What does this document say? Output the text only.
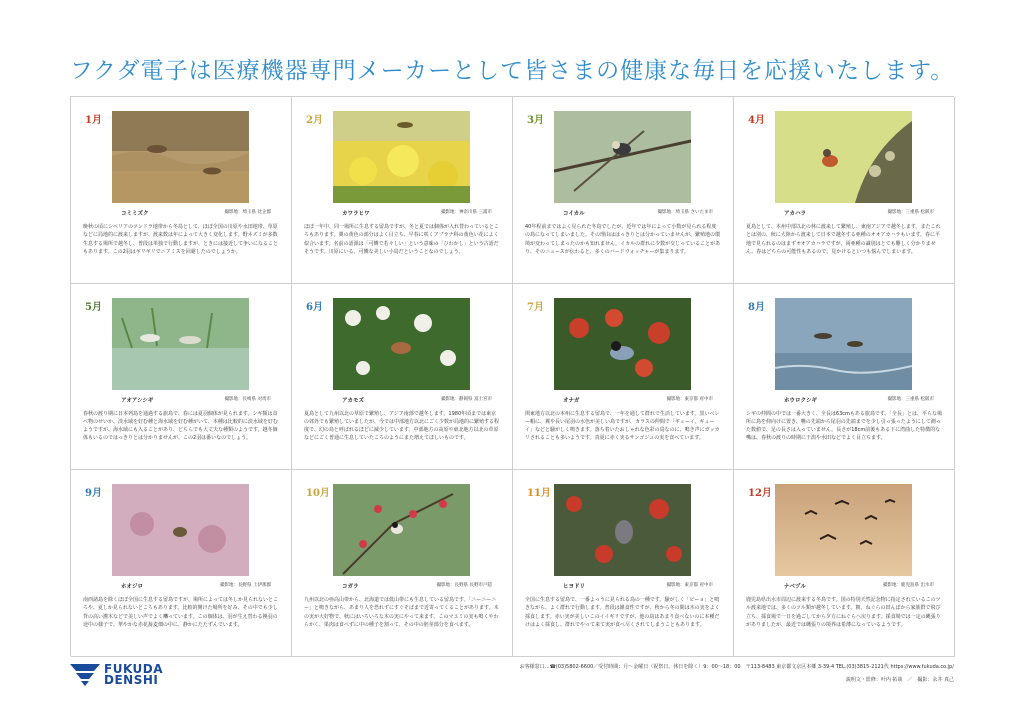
フクダ電子は医療機器専門メーカーとして皆さまの健康な毎日を応援いたします。
1月
コミミズク	撮影地：埼玉県 比企郡
晩秋の頃にシベリアのツンドラ地帯から冬鳥として、ほぼ全国の川原や水田地帯、草原などに局地的に渡来しますが、渡来数は年によって大きく変化します。野ネズミが多数生息する場所で越冬し、普段は単独で行動しますが、ときには接近して争いになることもあります。この2羽はギリギリでニアミスを回避したのでしょうか。
2月
カワラヒワ	撮影地：神奈川県 三浦市
ほぼ一年中、同一場所に生息する留鳥ですが、冬と夏では個体が入れ替わっているところもあります。翼の黄色の部分はよく目立ち、早春に咲くアブラナ科の黄色い花によく似合います。名前の語源は「可憐で若々しい」という意味の「ひわかし」という古語だそうです。川原にいる、可憐な美しい小鳥だということなのでしょう。
3月
コイカル	撮影地：埼玉県 さいたま市
40年程前まではよく見られた冬鳥でしたが、近年では年によって小数が見られる程度の鳥になってしまいました。その理由ははっきりとは分かっていませんが、繁殖地の環境が変わってしまったのかも知れません。イカルの群れに少数が交じっていることがあり、そのニュースが伝わると、多くのバードウォッチャーが集まります。
4月
アカハラ	撮影地：三重県 松阪市
夏鳥として、本州中部以北の林に渡来して繁殖し、東南アジアで越冬します。またこれとは別の、秋に大陸から渡来して日本で越冬する亜種のオオアカハラもいます。春に平地で見られるのはまずオオアカハラですが、両亜種の識別はとても難しく分かりません。春はどちらの可能性もあるので、見かけるといつも悩んでしまいます。
5月
アオアシシギ	撮影地：長崎県 対馬市
春秋の渡り期に日本列島を通過する旅鳥で、春には夏羽個体が見られます。シギ類は食べ物のせいか、淡水域を好む種と海水域を好む種がいて、本種は比較的に淡水域を好むようですが、海水域にも入ることがあり、どちらでも大丈夫な種類のようです。越冬個体もいるのではっきりとは分かりませんが、この2羽は番いなのでしょう。
6月
アカモズ	撮影地：静岡県 富士宮市
夏鳥として九州以北の草原で繁殖し、アジア南部で越冬します。1980年頃までは東京の郊外でも繁殖していましたが、今では中部地方以北にごく少数が局地的に繁殖する程度で、幻の鳥と呼ばれるほどに減少しています。中部地方の高原や東北地方以北の草原などにごく普通に生息していたころのようにまた増えてほしいものです。
7月
オナガ	撮影地：東京都 府中市
関東地方以北の本州に生息する留鳥で、一年を通して群れで生活しています。黒いベレー帽に、翼や長い尾羽の水色が美しい鳥ですが、カラスの仲間で「ギューイ、ギューイ」などと騒がしく鳴きます。落ち着いたおしゃれな色彩の鳥なのに、鳴き声にガッカリされることも多いようです。真夏に赤く実るサンゴジュの実を食べています。
8月
ホウロクシギ	撮影地：三重県 松阪市
シギの仲間の中では一番大きく、全長は63cmもある旅鳥です。「全長」とは、平らな場所に鳥を仰向けに置き、嘴の先端から尾羽の先端までを少し引っ張ったようにして測った数値で、足の長さは入っていません。長さが18cm前後もある下に湾曲した特徴的な嘴は、春秋の渡りの時期に干潟や水田などでよく目立ちます。
9月
ホオジロ	撮影地：長野県 上伊那郡
南西諸島を除くほぼ全国に生息する留鳥ですが、場所によっては冬しか見られないところや、夏しか見られないところもあります。比較的開けた場所を好み、その中でも少し背の高い灌木などで美しい声でよく囀っています。この個体は、羽が生え替わる換羽の途中の様子で、華やかな赤花蕎麦畑の中に、静かにたたずんでいます。
10月
コガラ	撮影地：長野県 長野市戸隠
九州以北の亜高山帯から、北海道では低山帯にも生息している留鳥です。「ニーニーニー」と鳴きながら、あまり人を恐れずにすぐそばまで近寄ってくることがあります。木の実が大好物で、秋にはいろいろな木の実にやって来ます。このマユミの実も鳴くやわらかく、果肉は食べずに中の種子を割って、その中の胚芽部分を食べます。
11月
ヒヨドリ	撮影地：東京都 府中市
全国に生息する留鳥で、一番よっうに見られる鳥の一種です。騒がしく「ピーョ」と鳴きながら、よく群れで行動します。普段は雑食性ですが、秋から冬の間は木の実をよく採食します。赤い実が美しいこのイイギリですが、他の鳥はあまり食べないのに本種だけはよく採食し、群れでやって来て実が食べ尽くされてしまうこともあります。
12月
ナベヅル	撮影地：鹿児島県 出水市
鹿児島県出水市周辺に渡来する冬鳥です。国の特別天然記念物に指定されているこのツル渡来地では、多くのツル類が越冬しています。朝、ねぐらの田んぼから家族群で飛び立ち、採食場で一日を過ごしてから夕方にねぐらへ戻ります。採食場では一定の縄張りがありましたが、最近では縄張りの境界は希薄になっているようです。
FUKUDA
DENSHI
お客様窓口…☎(03)5802-6600／受付時間：月〜金曜日（祝祭日、休日を除く）9：00〜18：00　〒113-8483 東京都文京区本郷 3-39-4 TEL.(03)3815-2121代 https://www.fukuda.co.jp/
説明文・監修：叶内 拓哉　／　撮影：永井 真己
